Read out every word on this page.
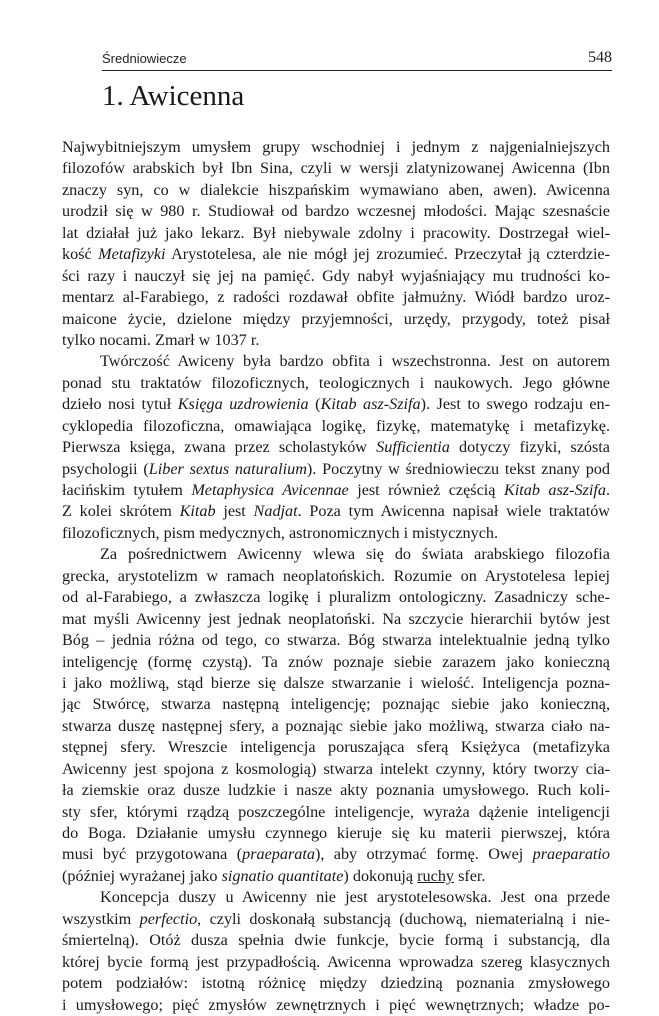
Średniowiecze	548
1. Awicenna
Najwybitniejszym umysłem grupy wschodniej i jednym z najgenialniejszych
filozofów arabskich był Ibn Sina, czyli w wersji zlatynizowanej Awicenna (Ibn
znaczy syn, co w dialekcie hiszpańskim wymawiano aben, awen). Awicenna
urodził się w 980 r. Studiował od bardzo wczesnej młodości. Mając szesnaście
lat działał już jako lekarz. Był niebywale zdolny i pracowity. Dostrzegał wiel-
kość Metafizyki Arystotelesa, ale nie mógł jej zrozumieć. Przeczytał ją czterdzie-
ści razy i nauczył się jej na pamięć. Gdy nabył wyjaśniający mu trudności ko-
mentarz al-Farabiego, z radości rozdawał obfite jałmużny. Wiódł bardzo uroz-
maicone życie, dzielone między przyjemności, urzędy, przygody, toteż pisał
tylko nocami. Zmarł w 1037 r.
Twórczość Awiceny była bardzo obfita i wszechstronna. Jest on autorem
ponad stu traktatów filozoficznych, teologicznych i naukowych. Jego główne
dzieło nosi tytuł Księga uzdrowienia (Kitab asz-Szifa). Jest to swego rodzaju en-
cyklopedia filozoficzna, omawiająca logikę, fizykę, matematykę i metafizykę.
Pierwsza księga, zwana przez scholastyków Sufficientia dotyczy fizyki, szósta
psychologii (Liber sextus naturalium). Poczytny w średniowieczu tekst znany pod
łacińskim tytułem Metaphysica Avicennae jest również częścią Kitab asz-Szifa.
Z kolei skrótem Kitab jest Nadjat. Poza tym Awicenna napisał wiele traktatów
filozoficznych, pism medycznych, astronomicznych i mistycznych.
Za pośrednictwem Awicenny wlewa się do świata arabskiego filozofia
grecka, arystotelizm w ramach neoplatońskich. Rozumie on Arystotelesa lepiej
od al-Farabiego, a zwłaszcza logikę i pluralizm ontologiczny. Zasadniczy sche-
mat myśli Awicenny jest jednak neoplatoński. Na szczycie hierarchii bytów jest
Bóg – jednia różna od tego, co stwarza. Bóg stwarza intelektualnie jedną tylko
inteligencję (formę czystą). Ta znów poznaje siebie zarazem jako konieczną
i jako możliwą, stąd bierze się dalsze stwarzanie i wielość. Inteligencja pozna-
jąc Stwórcę, stwarza następną inteligencję; poznając siebie jako konieczną,
stwarza duszę następnej sfery, a poznając siebie jako możliwą, stwarza ciało na-
stępnej sfery. Wreszcie inteligencja poruszająca sferą Księżyca (metafizyka
Awicenny jest spojona z kosmologią) stwarza intelekt czynny, który tworzy cia-
ła ziemskie oraz dusze ludzkie i nasze akty poznania umysłowego. Ruch koli-
sty sfer, którymi rządzą poszczególne inteligencje, wyraża dążenie inteligencji
do Boga. Działanie umysłu czynnego kieruje się ku materii pierwszej, która
musi być przygotowana (praeparata), aby otrzymać formę. Owej praeparatio
(później wyrażanej jako signatio quantitate) dokonują ruchy sfer.
Koncepcja duszy u Awicenny nie jest arystotelesowska. Jest ona przede
wszystkim perfectio, czyli doskonałą substancją (duchową, niematerialną i nie-
śmiertelną). Otóż dusza spełnia dwie funkcje, bycie formą i substancją, dla
której bycie formą jest przypadłością. Awicenna wprowadza szereg klasycznych
potem podziałów: istotną różnicę między dziedziną poznania zmysłowego
i umysłowego; pięć zmysłów zewnętrznych i pięć wewnętrznych; władze po-
